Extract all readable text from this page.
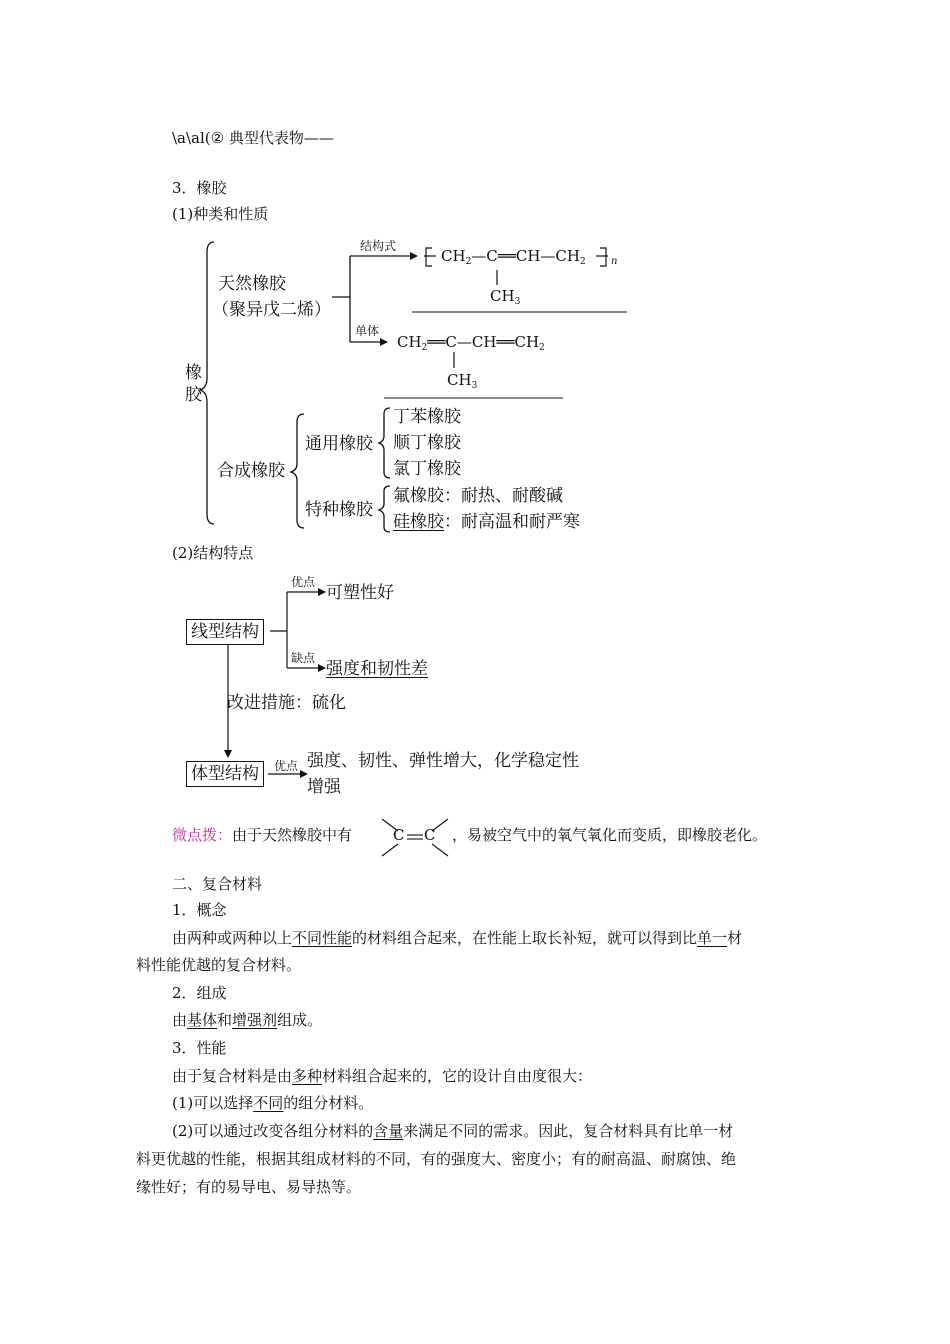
\a\al(② 典型代表物——
3．橡胶
(1)种类和性质
橡胶
天然橡胶
（聚异戊二烯）
结构式
单体
$CH_2—C══CH—CH_2$	n
$CH_3$
$CH_2══C—CH══CH_2$
$CH_3$
合成橡胶
通用橡胶
丁苯橡胶
顺丁橡胶
氯丁橡胶
特种橡胶
氟橡胶：耐热、耐酸碱
硅橡胶：耐高温和耐严寒
(2)结构特点
线型结构
优点
可塑性好
缺点
强度和韧性差
改进措施：硫化
体型结构	优点 强度、韧性、弹性增大，化学稳定性
增强
微点拨：由于天然橡胶中有	C C ，易被空气中的氧气氧化而变质，即橡胶老化。
二、复合材料
1．概念
由两种或两种以上不同性能的材料组合起来，在性能上取长补短，就可以得到比单一材
料性能优越的复合材料。
2．组成
由基体和增强剂组成。
3．性能
由于复合材料是由多种材料组合起来的，它的设计自由度很大：
(1)可以选择不同的组分材料。
(2)可以通过改变各组分材料的含量来满足不同的需求。因此，复合材料具有比单一材
料更优越的性能，根据其组成材料的不同，有的强度大、密度小；有的耐高温、耐腐蚀、绝
缘性好；有的易导电、易导热等。
